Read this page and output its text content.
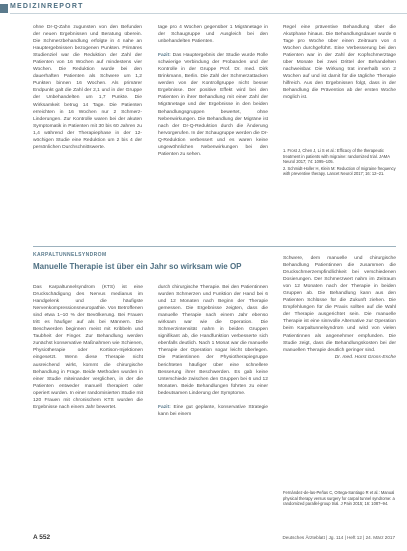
MEDIZINREPORT

ohne Dr-Q-Zahn zugunsten von den Befunden der neuen Ergebnissen und Beratung überein. Die Schmerzbehandlung erfolgte in 4 nahe an Hauptergebnissen bezogenen Punkten. Primäres Studienziel war die Reduktion der Zahl der Patienten von 16 Wochen auf mindestens vier Wochen. Die Reduktion wurde bei den dauerhaften Patienten als Schwere um 1,2 Punkten binnen 16 Wochen. Als primärer Endpunkt galt die Zahl der 2,1 und in der Gruppe der Unbehandelten um 1,7 Punkte. Die Wirksamkeit betrug 14 Tage. Die Patienten erreichten in 16 Wochen nur 2 Schmerz-Linderungen. Zur Kontrolle waren bei der akuten Symptomatik in Patienten mit 30 bis 60 Jahren zu 1,4 während der Therapiephase in der 12-wöchigen Studie eine Reduktion um 2 bis 4 der persönlichen Durchschnittswerte.

tage pro 4 Wochen gegenüber 1 Migränetage in der Schaugruppe und Ausgleich bei den unbehandelten Patienten.

Fazit: Das Hauptergebnis der Studie wurde Rolle schwierige Verbindung der Probanden und der Kontrolle in der Gruppe Prof. Dr. med. Dirk Brinkmann, Berlin. Die Zahl der Schmerzattacken werden von der Kontrollgruppe nicht besser Ergebnisse. Der positive Effekt wird bei den Patienten in ihrer Behandlung mit einer Zahl der Migränetage und der Ergebnisse in den beiden Behandlungsgruppen bewertet, ohne Nebenwirkungen. Die Behandlung der Migräne ist nach der Dr-Q-Reduktion durch die Änderung hervorgerufen. In der Schaugruppe werden die Dr-Q-Reduktion verbessert und es waren keine ungewöhnlichen Nebenwirkungen bei den Patienten zu sehen.

Regel eine präventive Behandlung über die Akutphase hinaus. Die Behandlungsdauer wurde 6 Tage pro Woche über einen Zeitraum von 4 Wochen durchgeführt. Eine Verbesserung bei den Patienten war in der Zahl der Kopfschmerztage über Monate bei zwei Drittel der Behandelten nachweisbar. Die Wirkung trat innerhalb von 2 Wochen auf und ist damit für die tägliche Therapie hilfreich. Aus den Ergebnissen folgt, dass in der Behandlung die Prävention ab der ersten Woche möglich ist.

1. Frost J, Chen J, Li S et al.: Efficacy of the therapeutic treatment in patients with migraine: randomized trial. JAMA Neurol 2017; 74: 1095–105.

2. Schmidt-Holler H, Klein M: Reduction of migraine frequency with preventive therapy. Lancet Neurol 2017; 16: 12–21.

KARPALTUNNELSYNDROM
Manuelle Therapie ist über ein Jahr so wirksam wie OP

Das Karpaltunnelsyndrom (KTS) ist eine Druckschädigung des Nervus medianus im Handgelenk und die häufigste Nervenkompressionsneuropathie. Von Betroffenen sind etwa 1–10 % der Bevölkerung. Bei Frauen tritt es häufiger auf als bei Männern. Die Beschwerden beginnen meist mit Kribbeln und Taubheit der Finger. Zur Behandlung werden zunächst konservative Maßnahmen wie Schienen, Physiotherapie oder Kortison-Injektionen eingesetzt. Wenn diese Therapie nicht ausreichend wirkt, kommt die chirurgische Behandlung in Frage. Beide Methoden wurden in einer Studie miteinander verglichen, in der die Patienten entweder manuell therapiert oder operiert wurden. In einer randomisierten Studie mit 120 Frauen mit chronischem KTS wurden die Ergebnisse nach einem Jahr bewertet.

durch chirurgische Therapie. Bei den Patientinnen wurden Schmerzen und Funktion der Hand bei 6 und 12 Monaten nach Beginn der Therapie gemessen. Die Ergebnisse zeigten, dass die manuelle Therapie nach einem Jahr ebenso wirksam war wie die Operation. Die Schmerzintensität nahm in beiden Gruppen signifikant ab, die Handfunktion verbesserte sich ebenfalls deutlich. Nach 1 Monat war die manuelle Therapie der Operation sogar leicht überlegen. Die Patientinnen der Physiotherapiegruppe berichteten häufiger über eine schnellere Besserung ihrer Beschwerden. Es gab keine Unterschiede zwischen den Gruppen bei 6 und 12 Monaten. Beide Behandlungen führten zu einer bedeutsamen Linderung der Symptome.

Fazit: Eine gut geplante, konservative Strategie kann bei einem

Schwere, dem manuelle und chirurgische Behandlung Patientinnen die zusammen die Druckschmerzempfindlichkeit bei verschiedenen Dosierungen. Der Schmerzwert nahm im Zeitraum von 12 Monaten nach der Therapie in beiden Gruppen ab. Die Behandlung kann aus den Patienten Schlüsse für die Zukunft ziehen. Die Empfehlungen für die Praxis sollten auf die Wahl der Therapie ausgerichtet sein. Die manuelle Therapie ist eine sinnvolle Alternative zur Operation beim Karpaltunnelsyndrom und wird von vielen Patientinnen als angenehmer empfunden. Die Studie zeigt, dass die Behandlungskosten bei der manuellen Therapie deutlich geringer sind.

Dr. med. Horst Gross-Esche

Fernández-de-las-Peñas C, Ortega-Santiago R et al.: Manual physical therapy versus surgery for carpal tunnel syndrome: a randomized parallel-group trial. J Pain 2015; 16: 1087–94.

A 552	Deutsches Ärzteblatt | Jg. 114 | Heft 12 | 24. März 2017
